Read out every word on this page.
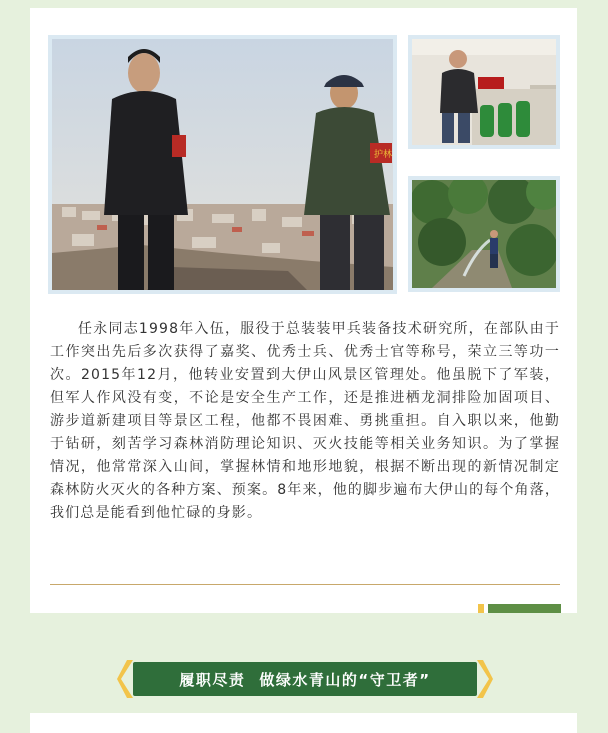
护林

任永同志1998年入伍，服役于总装装甲兵装备技术研究所，在部队由于工作突出先后多次获得了嘉奖、优秀士兵、优秀士官等称号，荣立三等功一次。2015年12月，他转业安置到大伊山风景区管理处。他虽脱下了军装，但军人作风没有变，不论是安全生产工作，还是推进栖龙洞排险加固项目、游步道新建项目等景区工程，他都不畏困难、勇挑重担。自入职以来，他勤于钻研，刻苦学习森林消防理论知识、灭火技能等相关业务知识。为了掌握情况，他常常深入山间，掌握林情和地形地貌，根据不断出现的新情况制定森林防火灭火的各种方案、预案。8年来，他的脚步遍布大伊山的每个角落，我们总是能看到他忙碌的身影。

履职尽责 做绿水青山的“守卫者”
